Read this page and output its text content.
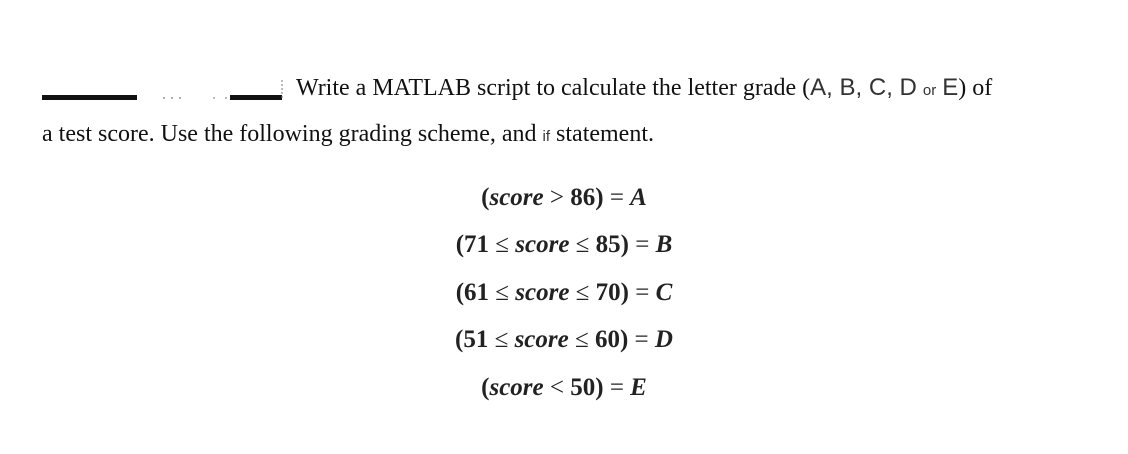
Write a MATLAB script to calculate the letter grade (A, B, C, D or E) of
a test score. Use the following grading scheme, and if statement.
(score > 86) = A
(71 ≤ score ≤ 85) = B
(61 ≤ score ≤ 70) = C
(51 ≤ score ≤ 60) = D
(score < 50) = E
